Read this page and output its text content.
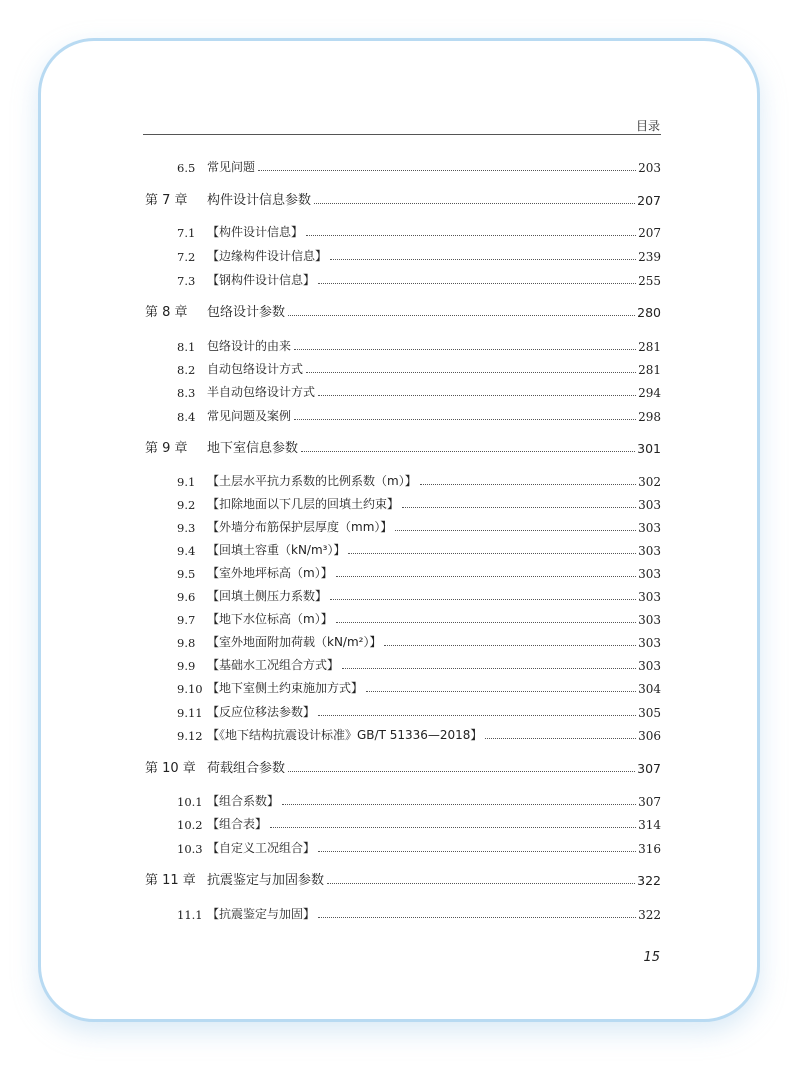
目录
6.5 常见问题	203
第 7 章	构件设计信息参数	207
7.1 【构件设计信息】	207
7.2 【边缘构件设计信息】	239
7.3 【钢构件设计信息】	255
第 8 章	包络设计参数	280
8.1 包络设计的由来	281
8.2 自动包络设计方式	281
8.3 半自动包络设计方式	294
8.4 常见问题及案例	298
第 9 章	地下室信息参数	301
9.1 【土层水平抗力系数的比例系数（m）】	302
9.2 【扣除地面以下几层的回填土约束】	303
9.3 【外墙分布筋保护层厚度（mm）】	303
9.4 【回填土容重（kN/m³）】	303
9.5 【室外地坪标高（m）】	303
9.6 【回填土侧压力系数】	303
9.7 【地下水位标高（m）】	303
9.8 【室外地面附加荷载（kN/m²）】	303
9.9 【基础水工况组合方式】	303
9.10 【地下室侧土约束施加方式】	304
9.11 【反应位移法参数】	305
9.12 【《地下结构抗震设计标准》GB/T 51336—2018】	306
第 10 章 荷载组合参数	307
10.1 【组合系数】	307
10.2 【组合表】	314
10.3 【自定义工况组合】	316
第 11 章 抗震鉴定与加固参数	322
11.1 【抗震鉴定与加固】	322
15
